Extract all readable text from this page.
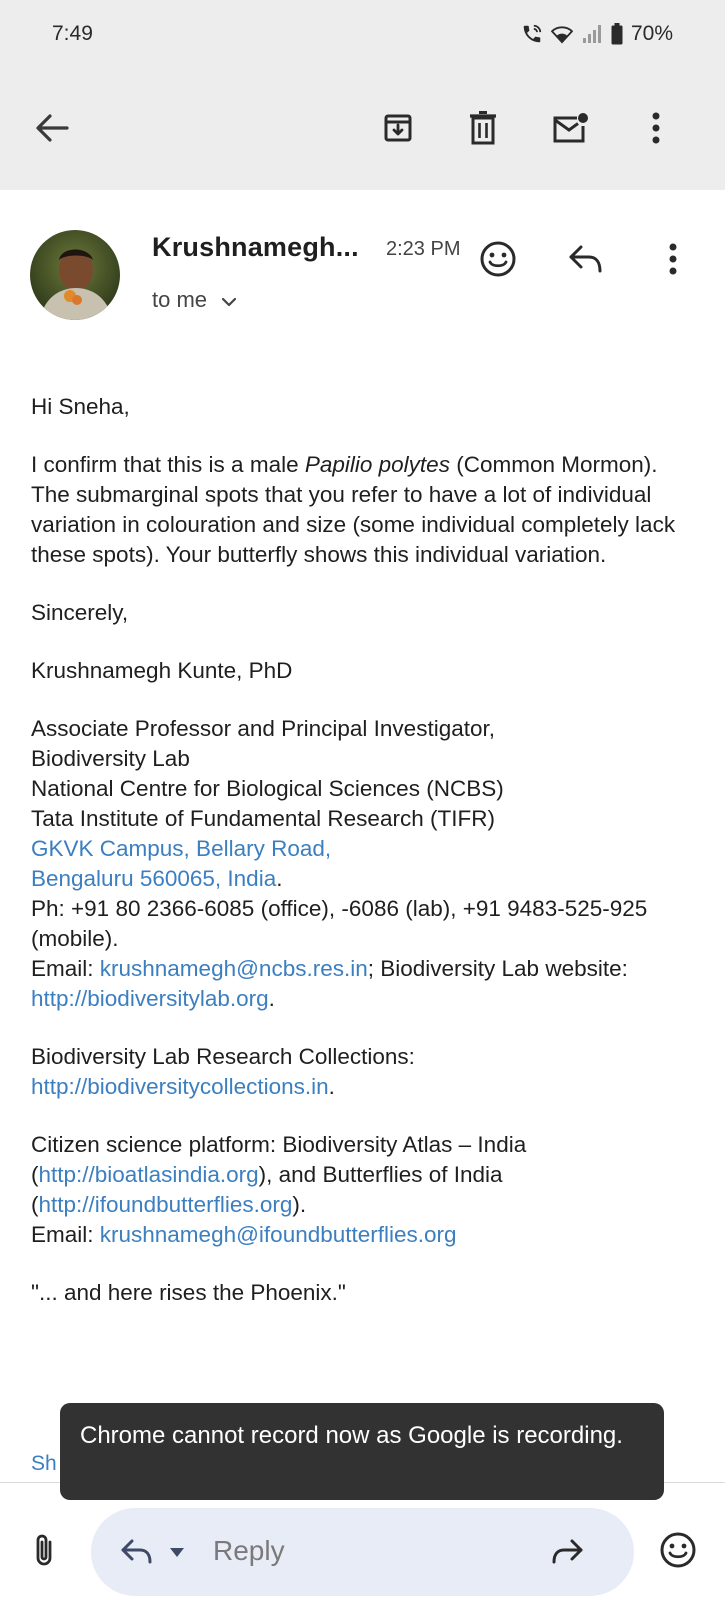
7:49	70%
Krushnamegh... 2:23 PM
to me

Hi Sneha,

I confirm that this is a male Papilio polytes (Common Mormon). The submarginal spots that you refer to have a lot of individual variation in colouration and size (some individual completely lack these spots). Your butterfly shows this individual variation.

Sincerely,

Krushnamegh Kunte, PhD

Associate Professor and Principal Investigator,

Biodiversity Lab

National Centre for Biological Sciences (NCBS)

Tata Institute of Fundamental Research (TIFR)

GKVK Campus, Bellary Road,

Bengaluru 560065, India.

Ph: +91 80 2366-6085 (office), -6086 (lab), +91 9483-525-925 (mobile).

Email: krushnamegh@ncbs.res.in; Biodiversity Lab website: http://biodiversitylab.org.

Biodiversity Lab Research Collections: http://biodiversitycollections.in.

Citizen science platform: Biodiversity Atlas – India (http://bioatlasindia.org), and Butterflies of India (http://ifoundbutterflies.org).

Email: krushnamegh@ifoundbutterflies.org

"... and here rises the Phoenix."

Sh
Chrome cannot record now as Google is recording.
Reply
